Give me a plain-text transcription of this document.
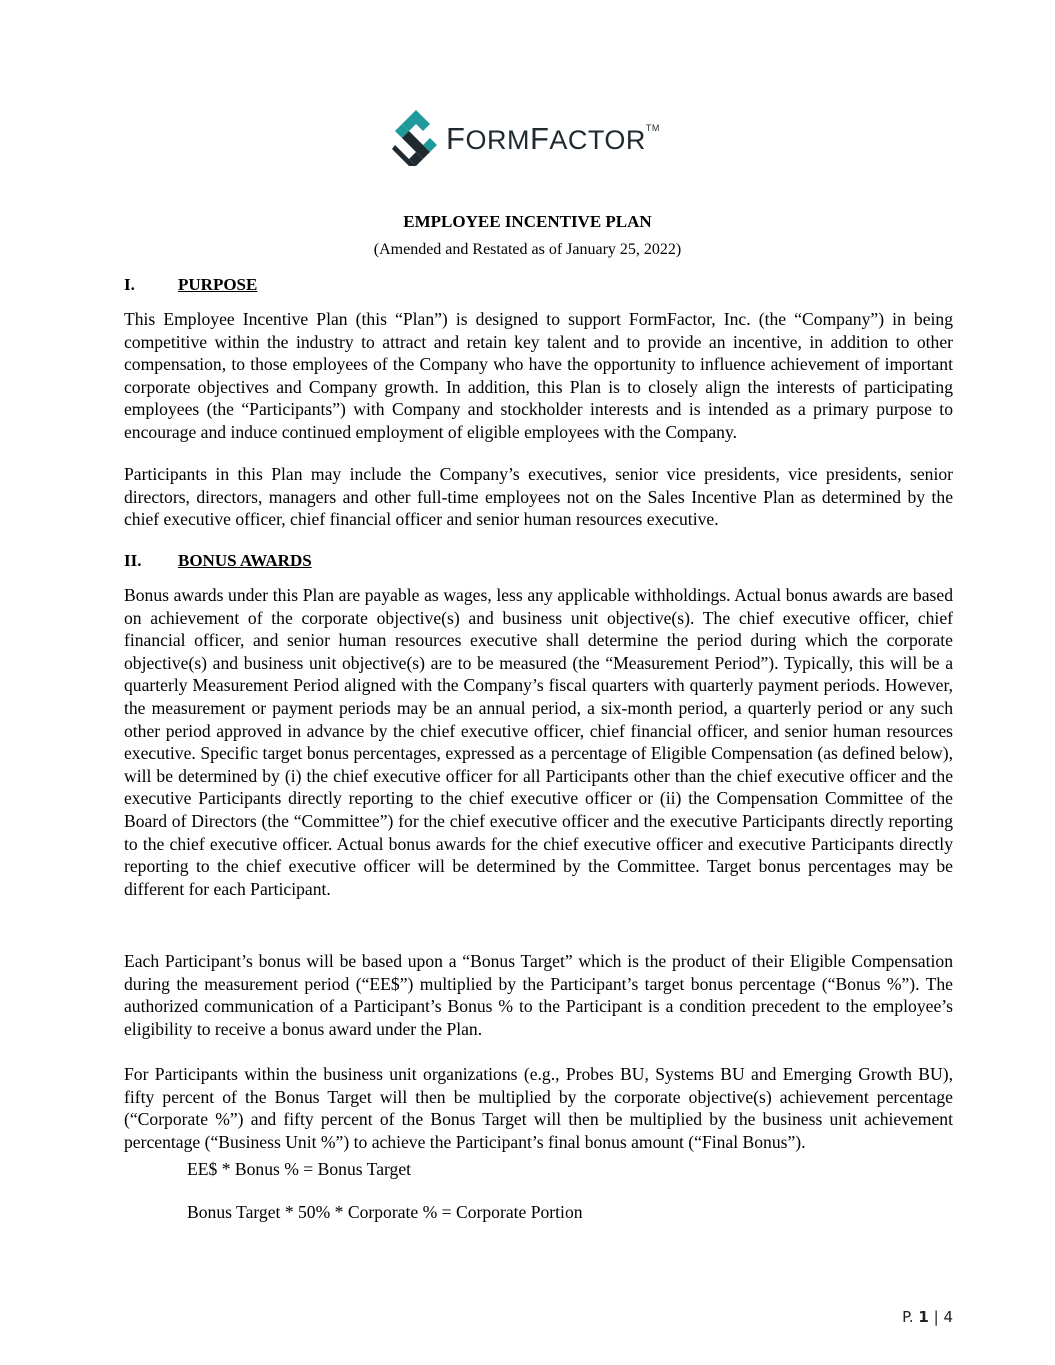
FORMFACTOR™
EMPLOYEE INCENTIVE PLAN
(Amended and Restated as of January 25, 2022)
I.	PURPOSE

This Employee Incentive Plan (this “Plan”) is designed to support FormFactor, Inc. (the “Company”) in being competitive within the industry to attract and retain key talent and to provide an incentive, in addition to other compensation, to those employees of the Company who have the opportunity to influence achievement of important corporate objectives and Company growth. In addition, this Plan is to closely align the interests of participating employees (the “Participants”) with Company and stockholder interests and is intended as a primary purpose to encourage and induce continued employment of eligible employees with the Company.

Participants in this Plan may include the Company’s executives, senior vice presidents, vice presidents, senior directors, directors, managers and other full-time employees not on the Sales Incentive Plan as determined by the chief executive officer, chief financial officer and senior human resources executive.

II. BONUS AWARDS

Bonus awards under this Plan are payable as wages, less any applicable withholdings. Actual bonus awards are based on achievement of the corporate objective(s) and business unit objective(s). The chief executive officer, chief financial officer, and senior human resources executive shall determine the period during which the corporate objective(s) and business unit objective(s) are to be measured (the “Measurement Period”). Typically, this will be a quarterly Measurement Period aligned with the Company’s fiscal quarters with quarterly payment periods. However, the measurement or payment periods may be an annual period, a six-month period, a quarterly period or any such other period approved in advance by the chief executive officer, chief financial officer, and senior human resources executive. Specific target bonus percentages, expressed as a percentage of Eligible Compensation (as defined below), will be determined by (i) the chief executive officer for all Participants other than the chief executive officer and the executive Participants directly reporting to the chief executive officer or (ii) the Compensation Committee of the Board of Directors (the “Committee”) for the chief executive officer and the executive Participants directly reporting to the chief executive officer. Actual bonus awards for the chief executive officer and executive Participants directly reporting to the chief executive officer will be determined by the Committee. Target bonus percentages may be different for each Participant.

Each Participant’s bonus will be based upon a “Bonus Target” which is the product of their Eligible Compensation during the measurement period (“EE$”) multiplied by the Participant’s target bonus percentage (“Bonus %”). The authorized communication of a Participant’s Bonus % to the Participant is a condition precedent to the employee’s eligibility to receive a bonus award under the Plan.

For Participants within the business unit organizations (e.g., Probes BU, Systems BU and Emerging Growth BU), fifty percent of the Bonus Target will then be multiplied by the corporate objective(s) achievement percentage (“Corporate %”) and fifty percent of the Bonus Target will then be multiplied by the business unit achievement percentage (“Business Unit %”) to achieve the Participant’s final bonus amount (“Final Bonus”).

EE$ * Bonus % = Bonus Target
Bonus Target * 50% * Corporate % = Corporate Portion
P. 1 | 4
